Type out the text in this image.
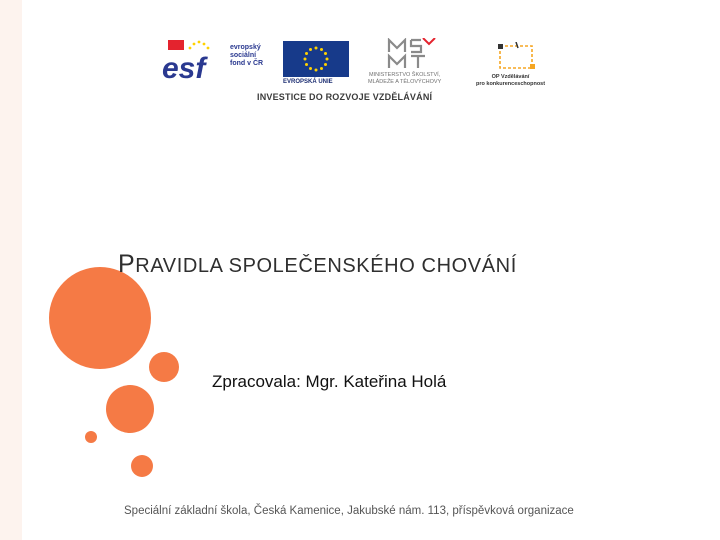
esf
evropský
sociální
fond v ČR
EVROPSKÁ UNIE
MINISTERSTVO ŠKOLSTVÍ,
MLÁDEŽE A TĚLOVÝCHOVY
OP Vzdělávání
pro konkurenceschopnost
INVESTICE DO ROZVOJE VZDĚLÁVÁNÍ
PRAVIDLA SPOLEČENSKÉHO CHOVÁNÍ
Zpracovala: Mgr. Kateřina Holá
Speciální základní škola, Česká Kamenice, Jakubské nám. 113, příspěvková organizace
